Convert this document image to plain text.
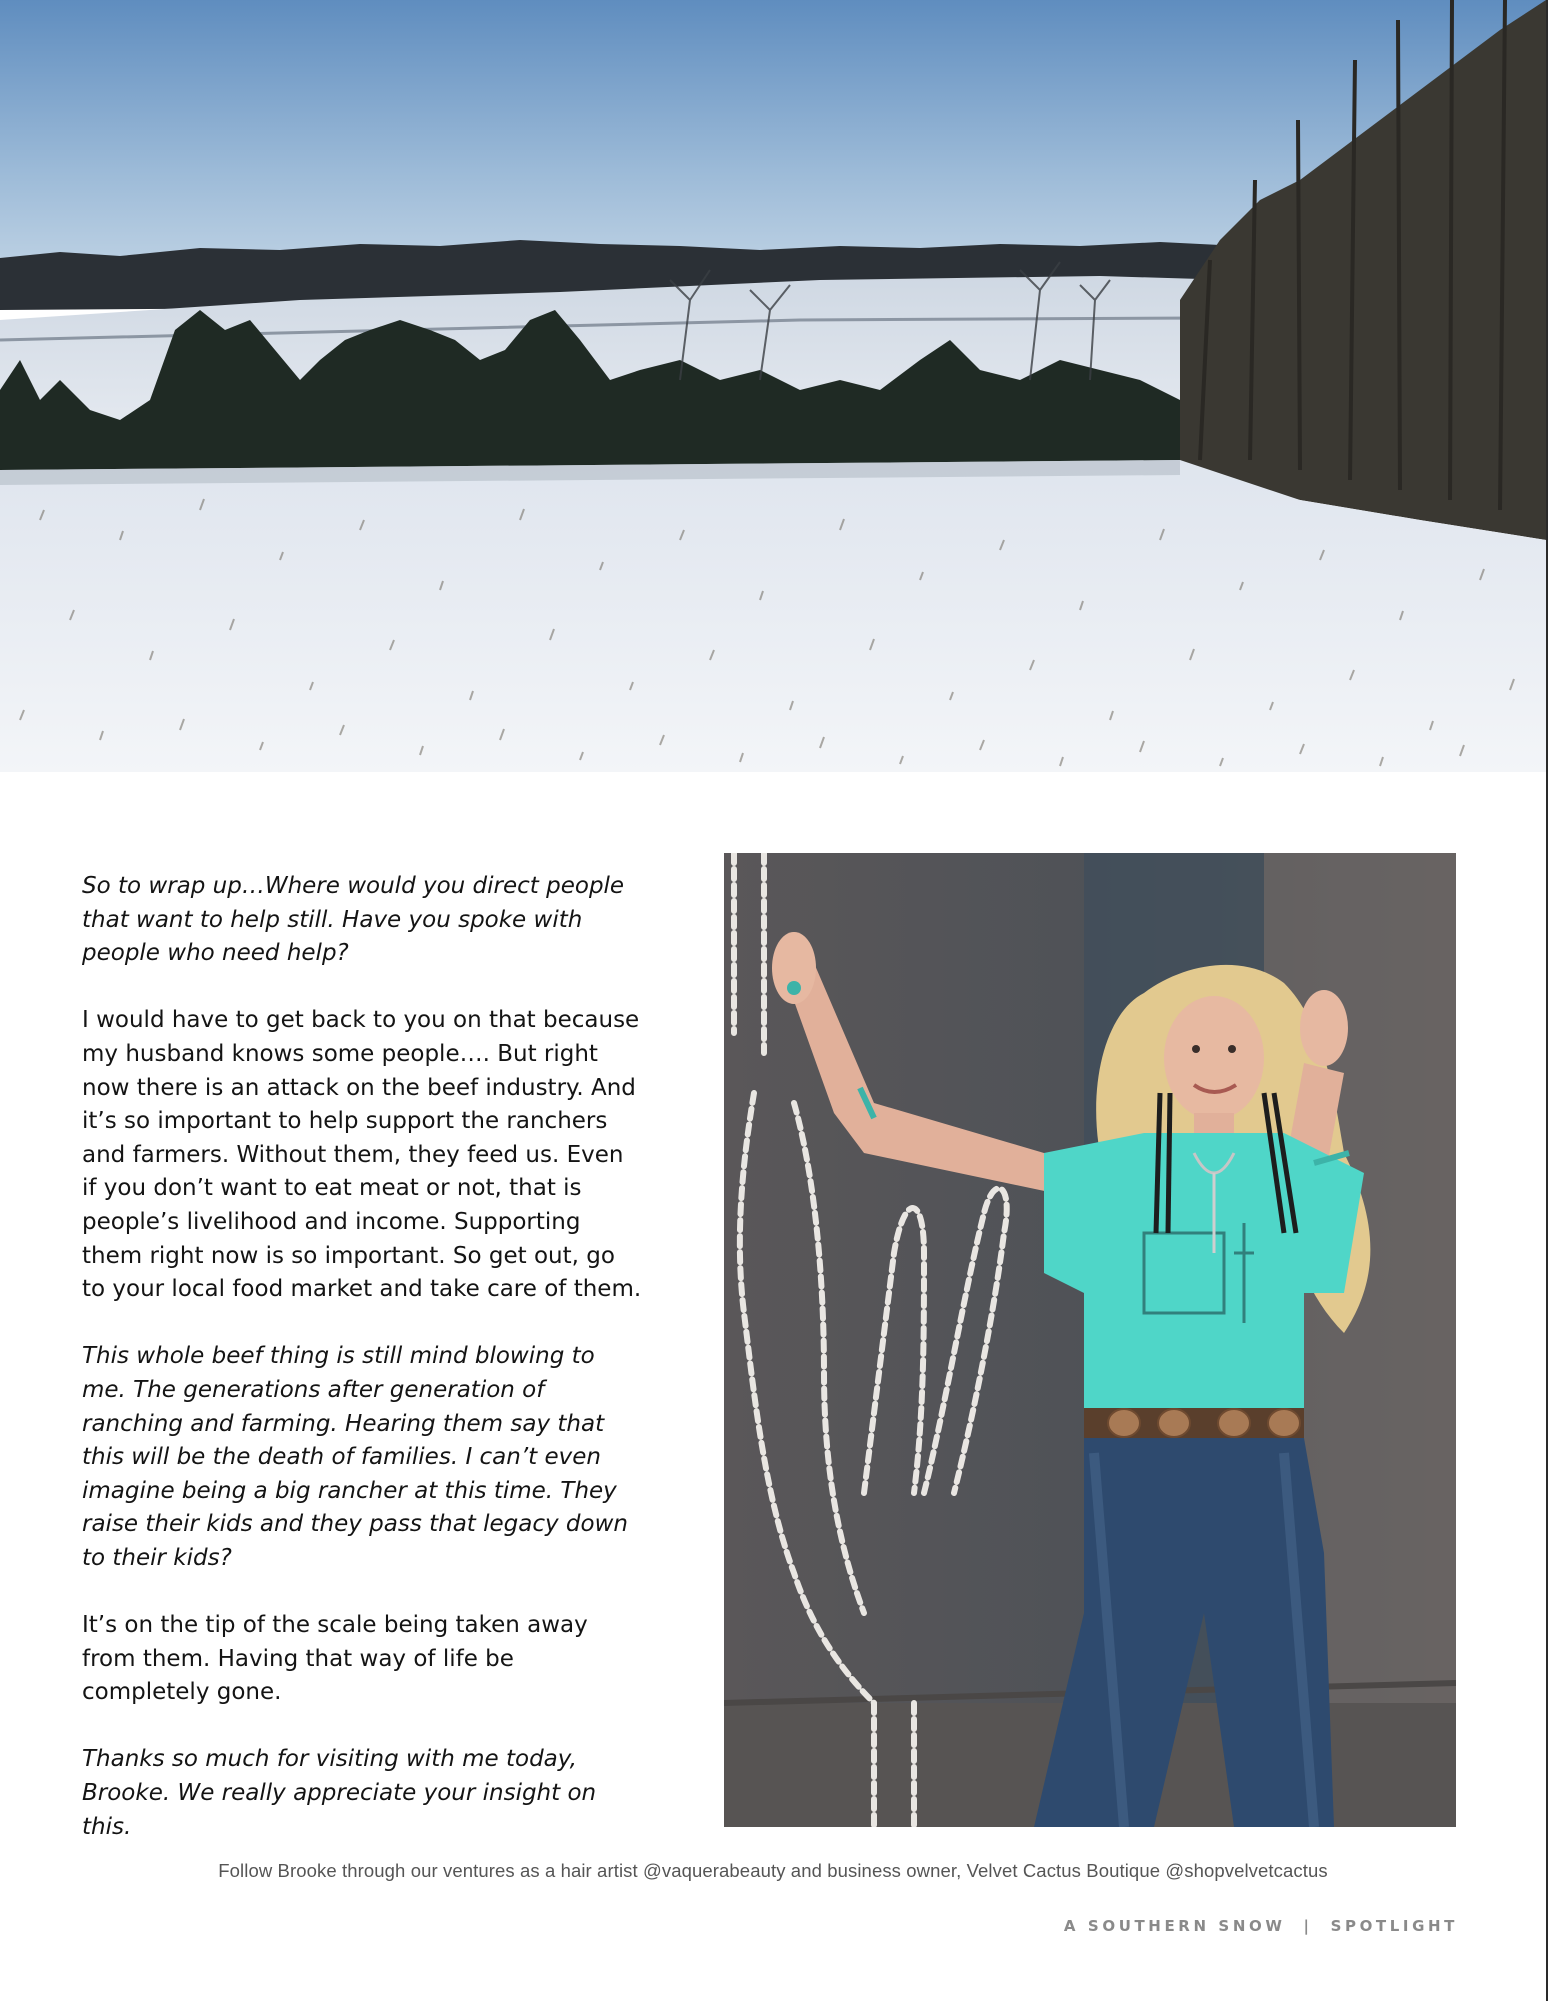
So to wrap up…Where would you direct people that want to help still. Have you spoke with people who need help?

I would have to get back to you on that because my husband knows some people…. But right now there is an attack on the beef industry. And it’s so important to help support the ranchers and farmers. Without them, they feed us. Even if you don’t want to eat meat or not, that is people’s livelihood and income. Supporting them right now is so important. So get out, go to your local food market and take care of them.

This whole beef thing is still mind blowing to me. The generations after generation of ranching and farming. Hearing them say that this will be the death of families. I can’t even imagine being a big rancher at this time. They raise their kids and they pass that legacy down to their kids?

It’s on the tip of the scale being taken away from them. Having that way of life be completely gone.

Thanks so much for visiting with me today, Brooke. We really appreciate your insight on this.

Follow Brooke through our ventures as a hair artist @vaquerabeauty and business owner, Velvet Cactus Boutique @shopvelvetcactus
A SOUTHERN SNOW | SPOTLIGHT
